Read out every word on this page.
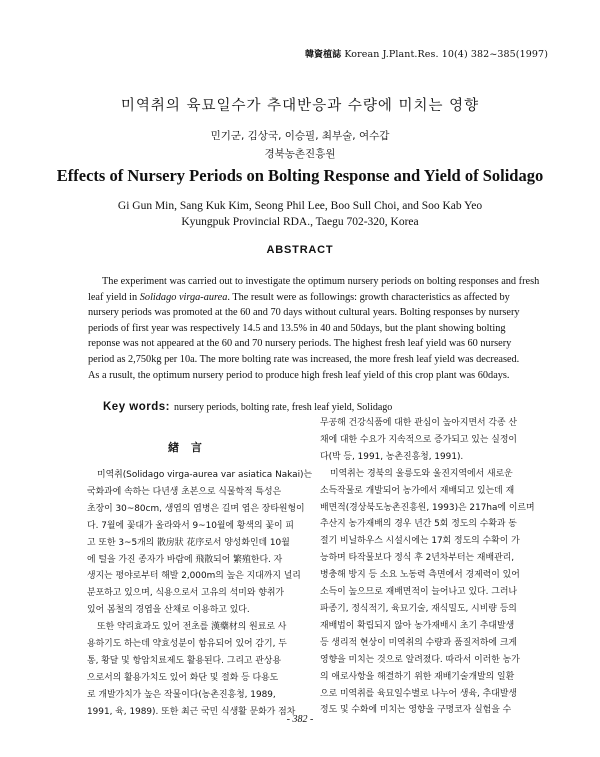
韓資植誌 Korean J.Plant.Res. 10(4) 382~385(1997)
미역취의 육묘일수가 추대반응과 수량에 미치는 영향
민기군, 김상국, 이승필, 최부술, 여수갑
경북농촌진흥원
Effects of Nursery Periods on Bolting Response and Yield of Solidago
Gi Gun Min, Sang Kuk Kim, Seong Phil Lee, Boo Sull Choi, and Soo Kab Yeo
Kyungpuk Provincial RDA., Taegu 702-320, Korea
ABSTRACT
The experiment was carried out to investigate the optimum nursery periods on bolting responses and fresh
leaf yield in Solidago virga-aurea. The result were as followings: growth characteristics as affected by
nursery periods was promoted at the 60 and 70 days without cultural years. Bolting responses by nursery
periods of first year was respectively 14.5 and 13.5% in 40 and 50days, but the plant showing bolting
reponse was not appeared at the 60 and 70 nursery periods. The highest fresh leaf yield was 60 nursery
period as 2,750kg per 10a. The more bolting rate was increased, the more fresh leaf yield was decreased.
As a rusult, the optimum nursery period to produce high fresh leaf yield of this crop plant was 60days.
Key words: nursery periods, bolting rate, fresh leaf yield, Solidago
緖 言
미역취(Solidago virga-aurea var asiatica Nakai)는
국화과에 속하는 다년생 초본으로 식물학적 특성은
초장이 30~80cm, 생엽의 엽병은 길며 엽은 장타원형이
다. 7월에 꽃대가 올라와서 9~10월에 황색의 꽃이 피
고 또한 3~5개의 散房狀 花序로서 양성화인데 10월
에 털을 가진 종자가 바람에 飛散되어 繁殖한다. 자
생지는 평야로부터 해발 2,000m의 높은 지대까지 널리
분포하고 있으며, 식용으로서 고유의 석미와 향취가
있어 봄철의 경엽을 산채로 이용하고 있다.
또한 약리효과도 있어 전초를 漢藥材의 원료로 사
용하기도 하는데 약효성분이 함유되어 있어 감기, 두
통, 황달 및 항암치료제도 활용된다. 그리고 관상용
으로서의 활용가치도 있어 화단 및 절화 등 다용도
로 개발가치가 높은 작물이다(농촌진흥청, 1989,
1991, 육, 1989). 또한 최근 국민 식생활 문화가 점차
무공해 건강식품에 대한 관심이 높아지면서 각종 산
채에 대한 수요가 지속적으로 증가되고 있는 실정이
다(박 등, 1991, 농촌진흥청, 1991).
미역취는 경북의 울릉도와 울진지역에서 새로운
소득작물로 개발되어 농가에서 재배되고 있는데 재
배면적(경상북도농촌진흥원, 1993)은 217ha에 이르며
추산지 농가재배의 경우 년간 5회 정도의 수확과 동
절기 비닐하우스 시설시에는 17회 정도의 수확이 가
능하며 타작물보다 정식 후 2년차부터는 재배관리,
병충해 방지 등 소요 노동력 측면에서 경제력이 있어
소득이 높으므로 재배면적이 늘어나고 있다. 그러나
파종기, 정식적기, 육묘기술, 재식밀도, 시비량 등의
재배법이 확립되지 않아 농가재배시 초기 추대발생
등 생리적 현상이 미역취의 수량과 품질저하에 크게
영향을 미치는 것으로 알려졌다. 따라서 이러한 농가
의 애로사항을 해결하기 위한 재배기술개발의 일환
으로 미역취를 육묘일수별로 나누어 생육, 추대발생
정도 및 수화에 미치는 영향을 구명코자 실험을 수
- 382 -
